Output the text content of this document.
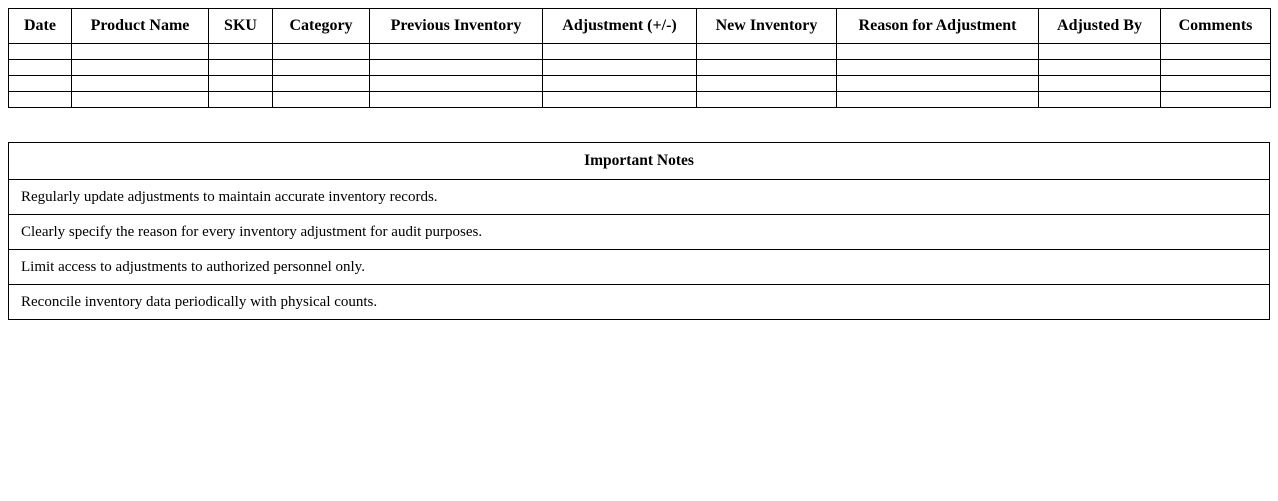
Date	Product Name	SKU	Category	Previous Inventory	Adjustment (+/-)	New Inventory	Reason for Adjustment	Adjusted By	Comments

Important Notes
Regularly update adjustments to maintain accurate inventory records.
Clearly specify the reason for every inventory adjustment for audit purposes.
Limit access to adjustments to authorized personnel only.
Reconcile inventory data periodically with physical counts.
